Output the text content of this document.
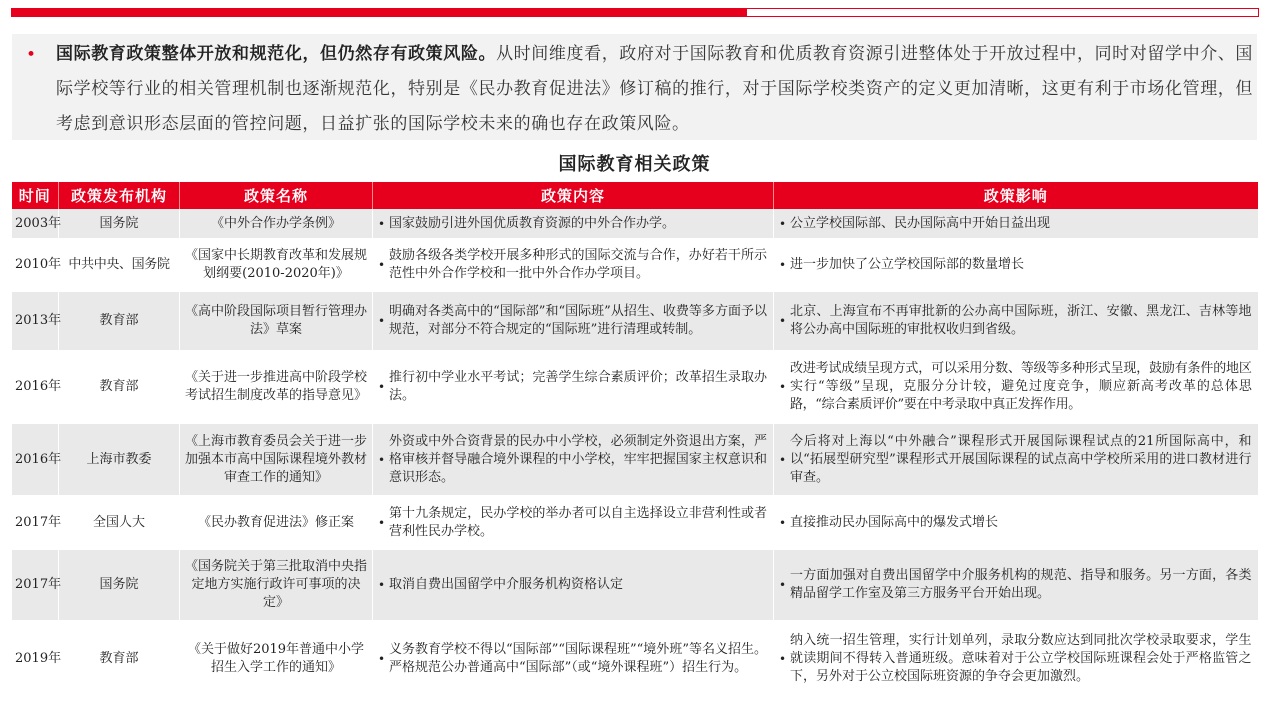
• 国际教育政策整体开放和规范化，但仍然存有政策风险。从时间维度看，政府对于国际教育和优质教育资源引进整体处于开放过程中，同时对留学中介、国际学校等行业的相关管理机制也逐渐规范化，特别是《民办教育促进法》修订稿的推行，对于国际学校类资产的定义更加清晰，这更有利于市场化管理，但考虑到意识形态层面的管控问题，日益扩张的国际学校未来的确也存在政策风险。

国际教育相关政策
时间	政策发布机构	政策名称	政策内容	政策影响
2003年	国务院	《中外合作办学条例》	• 国家鼓励引进外国优质教育资源的中外合作办学。	• 公立学校国际部、民办国际高中开始日益出现
2010年	中共中央、国务院	《国家中长期教育改革和发展规划纲要(2010-2020年)》	• 鼓励各级各类学校开展多种形式的国际交流与合作，办好若干所示范性中外合作学校和一批中外合作办学项目。	• 进一步加快了公立学校国际部的数量增长
2013年	教育部	《高中阶段国际项目暂行管理办法》草案	• 明确对各类高中的“国际部”和“国际班”从招生、收费等多方面予以规范，对部分不符合规定的“国际班”进行清理或转制。	• 北京、上海宣布不再审批新的公办高中国际班，浙江、安徽、黑龙江、吉林等地将公办高中国际班的审批权收归到省级。
2016年	教育部	《关于进一步推进高中阶段学校考试招生制度改革的指导意见》	• 推行初中学业水平考试；完善学生综合素质评价；改革招生录取办法。	• 改进考试成绩呈现方式，可以采用分数、等级等多种形式呈现，鼓励有条件的地区实行“等级”呈现，克服分分计较，避免过度竞争，顺应新高考改革的总体思路，“综合素质评价”要在中考录取中真正发挥作用。
2016年	上海市教委	《上海市教育委员会关于进一步加强本市高中国际课程境外教材审查工作的通知》	• 外资或中外合资背景的民办中小学校，必须制定外资退出方案，严格审核并督导融合境外课程的中小学校，牢牢把握国家主权意识和意识形态。	• 今后将对上海以“中外融合”课程形式开展国际课程试点的21所国际高中，和以“拓展型研究型”课程形式开展国际课程的试点高中学校所采用的进口教材进行审查。
2017年	全国人大	《民办教育促进法》修正案	• 第十九条规定，民办学校的举办者可以自主选择设立非营利性或者营利性民办学校。	• 直接推动民办国际高中的爆发式增长
2017年	国务院	《国务院关于第三批取消中央指定地方实施行政许可事项的决定》	• 取消自费出国留学中介服务机构资格认定	• 一方面加强对自费出国留学中介服务机构的规范、指导和服务。另一方面，各类精品留学工作室及第三方服务平台开始出现。
2019年	教育部	《关于做好2019年普通中小学招生入学工作的通知》	• 义务教育学校不得以“国际部”“国际课程班”“境外班”等名义招生。严格规范公办普通高中“国际部”（或“境外课程班”）招生行为。	• 纳入统一招生管理，实行计划单列，录取分数应达到同批次学校录取要求，学生就读期间不得转入普通班级。意味着对于公立学校国际班课程会处于严格监管之下，另外对于公立校国际班资源的争夺会更加激烈。
